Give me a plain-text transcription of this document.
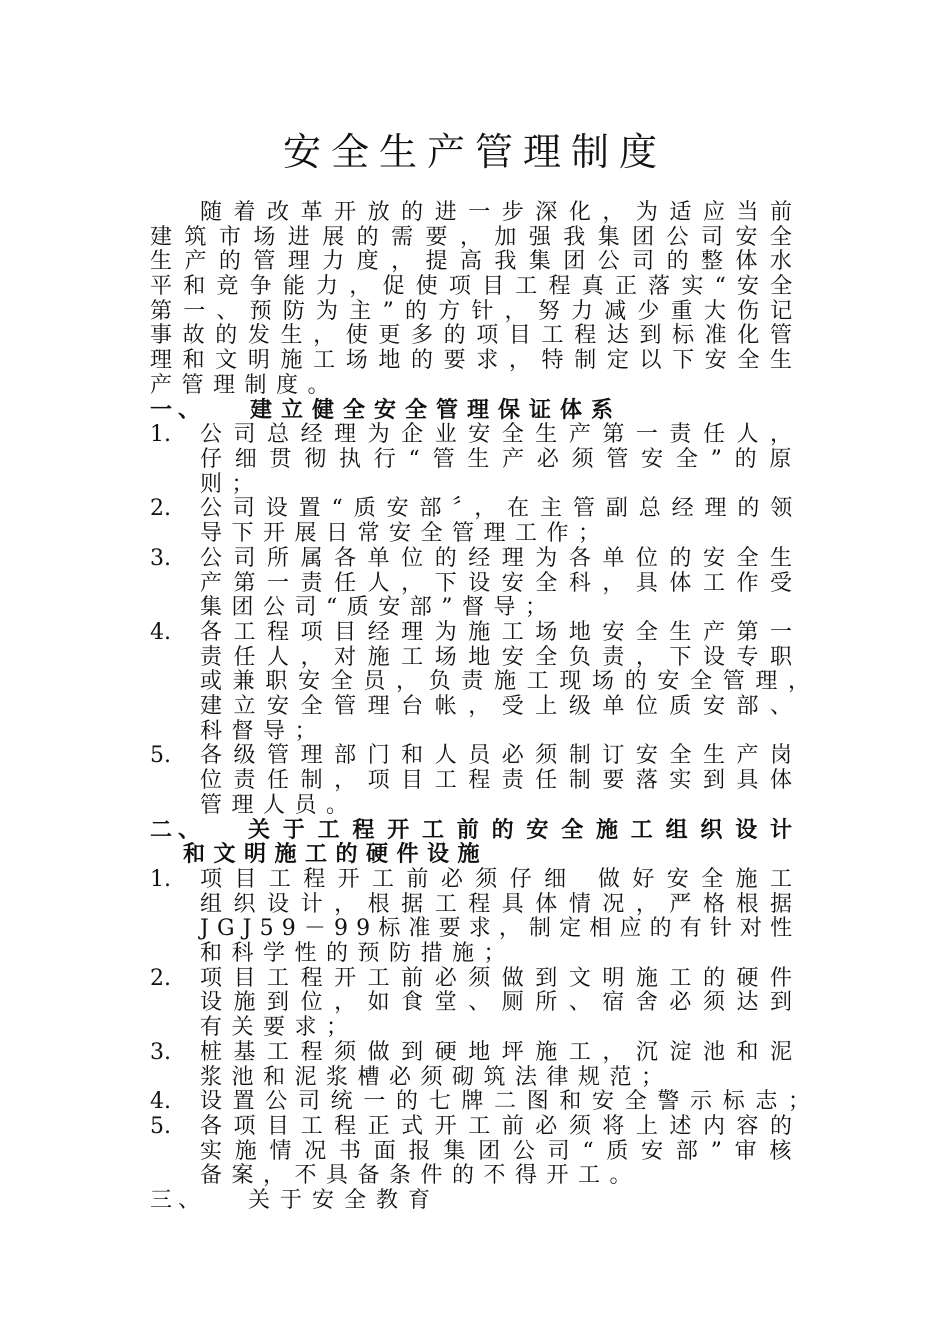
安全生产管理制度
随着改革开放的进一步深化，为适应当前
建筑市场进展的需要，加强我集团公司安全
生产的管理力度，提高我集团公司的整体水
平和竞争能力，促使项目工程真正落实“安全
第一、预防为主”的方针，努力减少重大伤记
事故的发生，使更多的项目工程达到标准化管
理和文明施工场地的要求，特制定以下安全生
产管理制度。
一、 建立健全安全管理保证体系
1. 公司总经理为企业安全生产第一责任人，
仔细贯彻执行“管生产必须管安全”的原
则；
2. 公司设置“质安部〞，在主管副总经理的领
导下开展日常安全管理工作；
3. 公司所属各单位的经理为各单位的安全生
产第一责任人，下设安全科，具体工作受
集团公司“质安部”督导；
4. 各工程项目经理为施工场地安全生产第一
责任人，对施工场地安全负责，下设专职
或兼职安全员，负责施工现场的安全管理，
建立安全管理台帐，受上级单位质安部、
科督导；
5. 各级管理部门和人员必须制订安全生产岗
位责任制，项目工程责任制要落实到具体
管理人员。
二、 关于工程开工前的安全施工组织设计
和文明施工的硬件设施
1. 项目工程开工前必须仔细 做好安全施工
组织设计，根据工程具体情况，严格根据
JGJ59－99标准要求，制定相应的有针对性
和科学性的预防措施；
2. 项目工程开工前必须做到文明施工的硬件
设施到位，如食堂、厕所、宿舍必须达到
有关要求；
3. 桩基工程须做到硬地坪施工，沉淀池和泥
浆池和泥浆槽必须砌筑法律规范；
4. 设置公司统一的七牌二图和安全警示标志；
5. 各项目工程正式开工前必须将上述内容的
实施情况书面报集团公司“质安部”审核
备案，不具备条件的不得开工。
三、 关于安全教育
